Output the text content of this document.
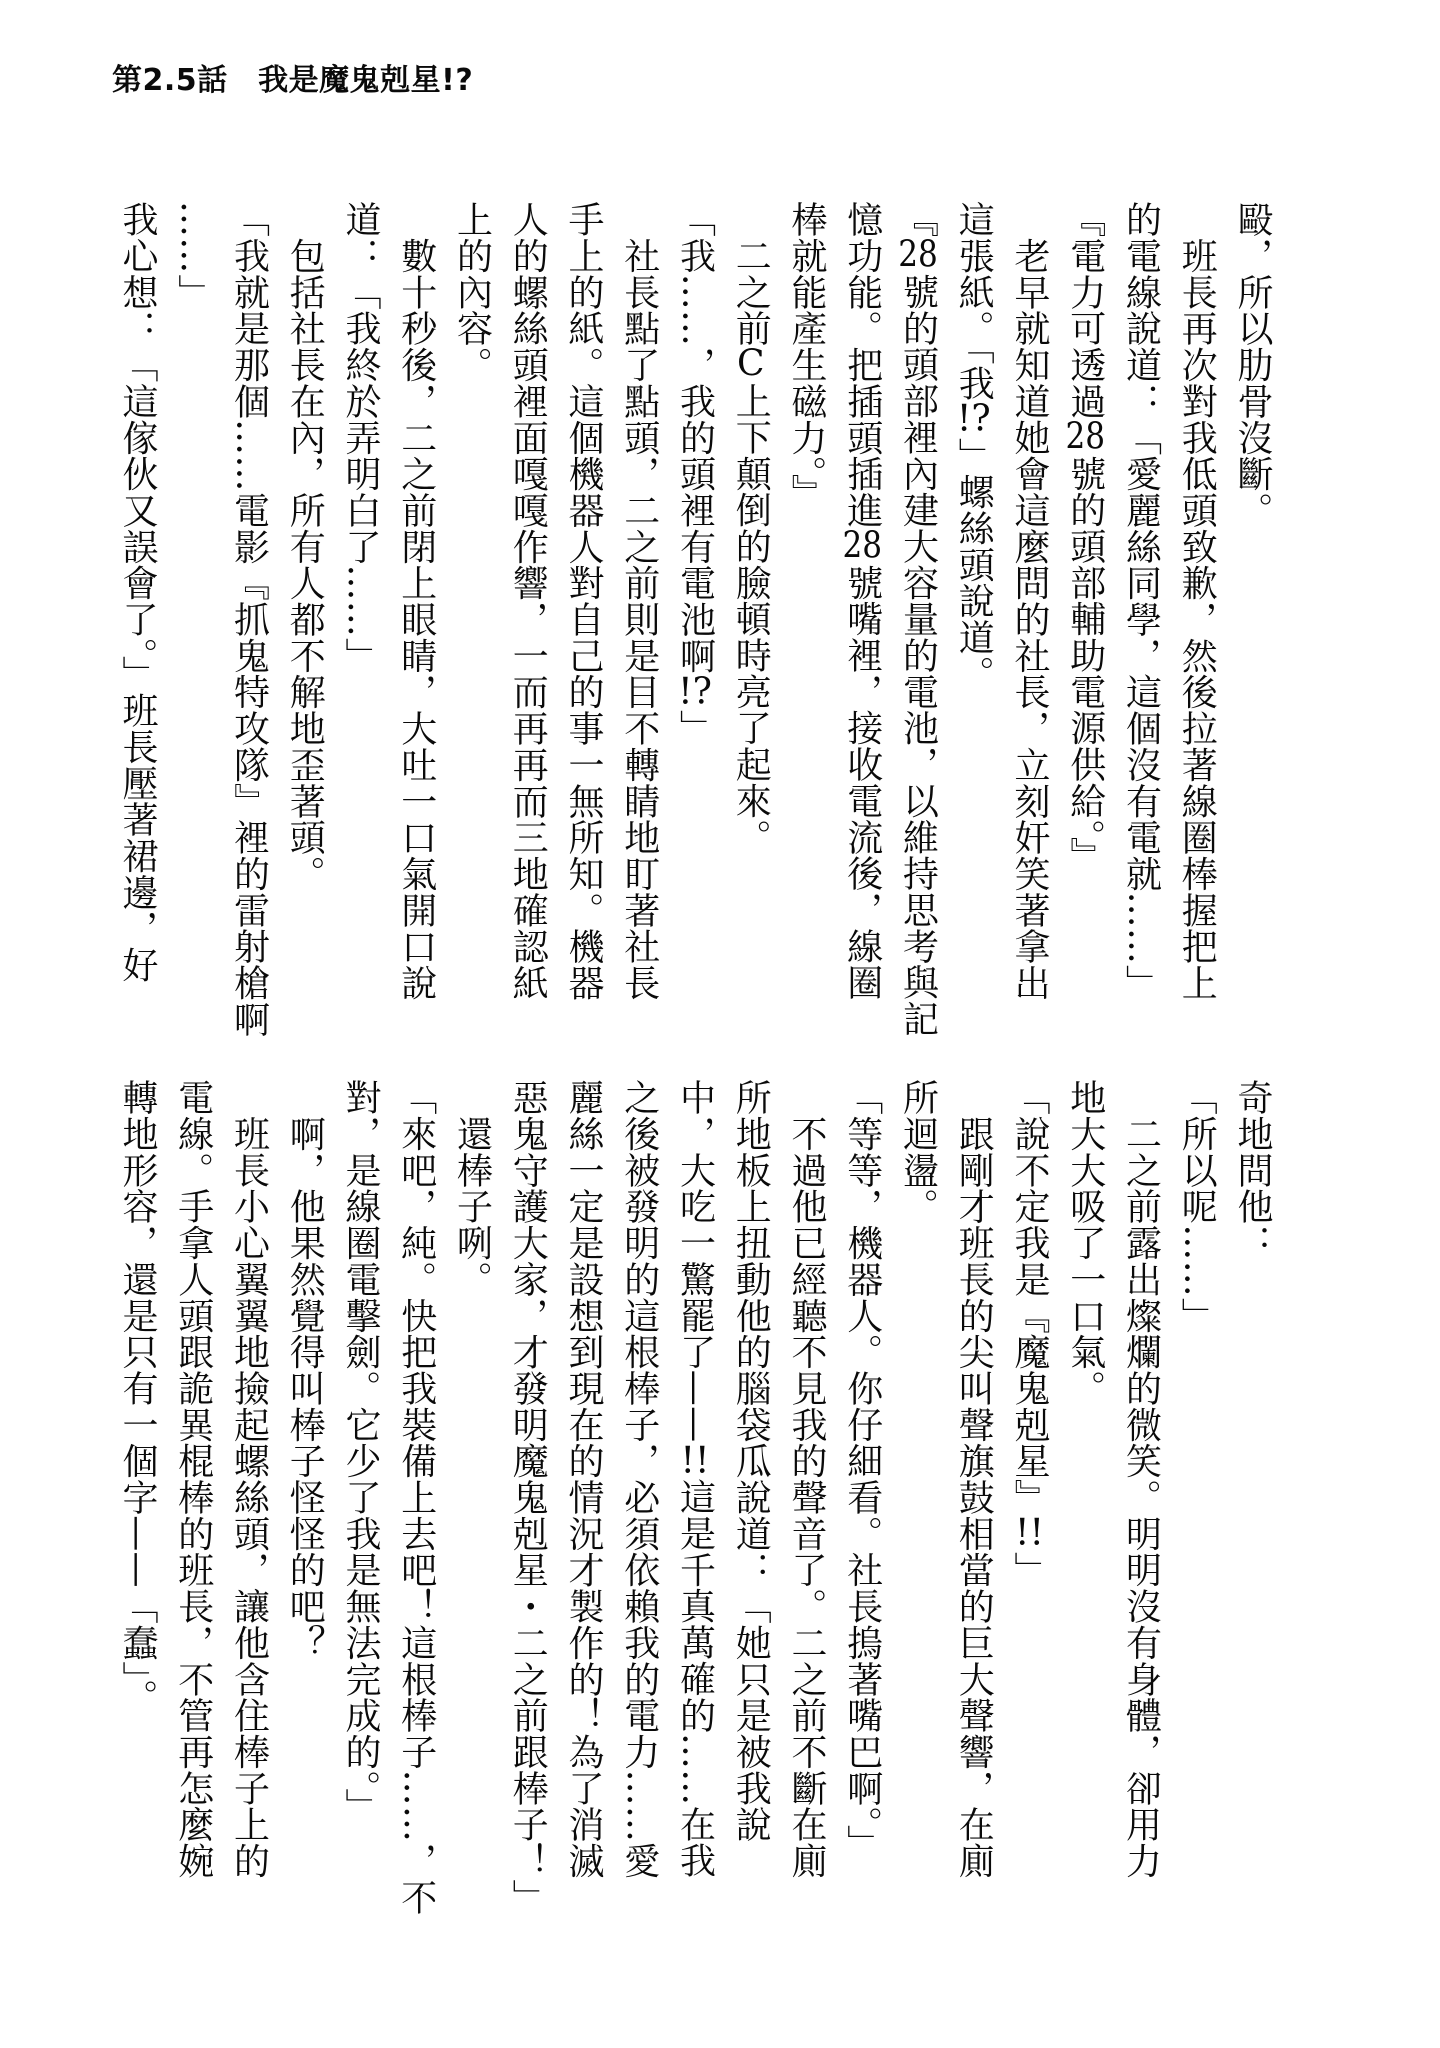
第2.5話　我是魔鬼剋星!?
毆，所以肋骨沒斷。
　班長再次對我低頭致歉，然後拉著線圈棒握把上
的電線說道：「愛麗絲同學，這個沒有電就……」
『電力可透過28號的頭部輔助電源供給。』
　老早就知道她會這麼問的社長，立刻奸笑著拿出
這張紙。「我!?」螺絲頭說道。
『28號的頭部裡內建大容量的電池，以維持思考與記
憶功能。把插頭插進28號嘴裡，接收電流後，線圈
棒就能產生磁力。』
　二之前C上下顛倒的臉頓時亮了起來。
「我……，我的頭裡有電池啊!?」
　社長點了點頭，二之前則是目不轉睛地盯著社長
手上的紙。這個機器人對自己的事一無所知。機器
人的螺絲頭裡面嘎嘎作響，一而再再而三地確認紙
上的內容。
　數十秒後，二之前閉上眼睛，大吐一口氣開口說
道：「我終於弄明白了……」
　包括社長在內，所有人都不解地歪著頭。
「我就是那個……電影『抓鬼特攻隊』裡的雷射槍啊
……」
我心想：「這傢伙又誤會了。」班長壓著裙邊，好
奇地問他：
「所以呢……」
　二之前露出燦爛的微笑。明明沒有身體，卻用力
地大大吸了一口氣。
「說不定我是『魔鬼剋星』!!」
　跟剛才班長的尖叫聲旗鼓相當的巨大聲響，在廁
所迴盪。
「等等，機器人。你仔細看。社長摀著嘴巴啊。」
　不過他已經聽不見我的聲音了。二之前不斷在廁
所地板上扭動他的腦袋瓜說道：「她只是被我說
中，大吃一驚罷了——!!這是千真萬確的……在我
之後被發明的這根棒子，必須依賴我的電力……愛
麗絲一定是設想到現在的情況才製作的！為了消滅
惡鬼守護大家，才發明魔鬼剋星・二之前跟棒子！」
　還棒子咧。
「來吧，純。快把我裝備上去吧！這根棒子……，不
對，是線圈電擊劍。它少了我是無法完成的。」
　啊，他果然覺得叫棒子怪怪的吧？
　班長小心翼翼地撿起螺絲頭，讓他含住棒子上的
電線。手拿人頭跟詭異棍棒的班長，不管再怎麼婉
轉地形容，還是只有一個字——「蠢」。
